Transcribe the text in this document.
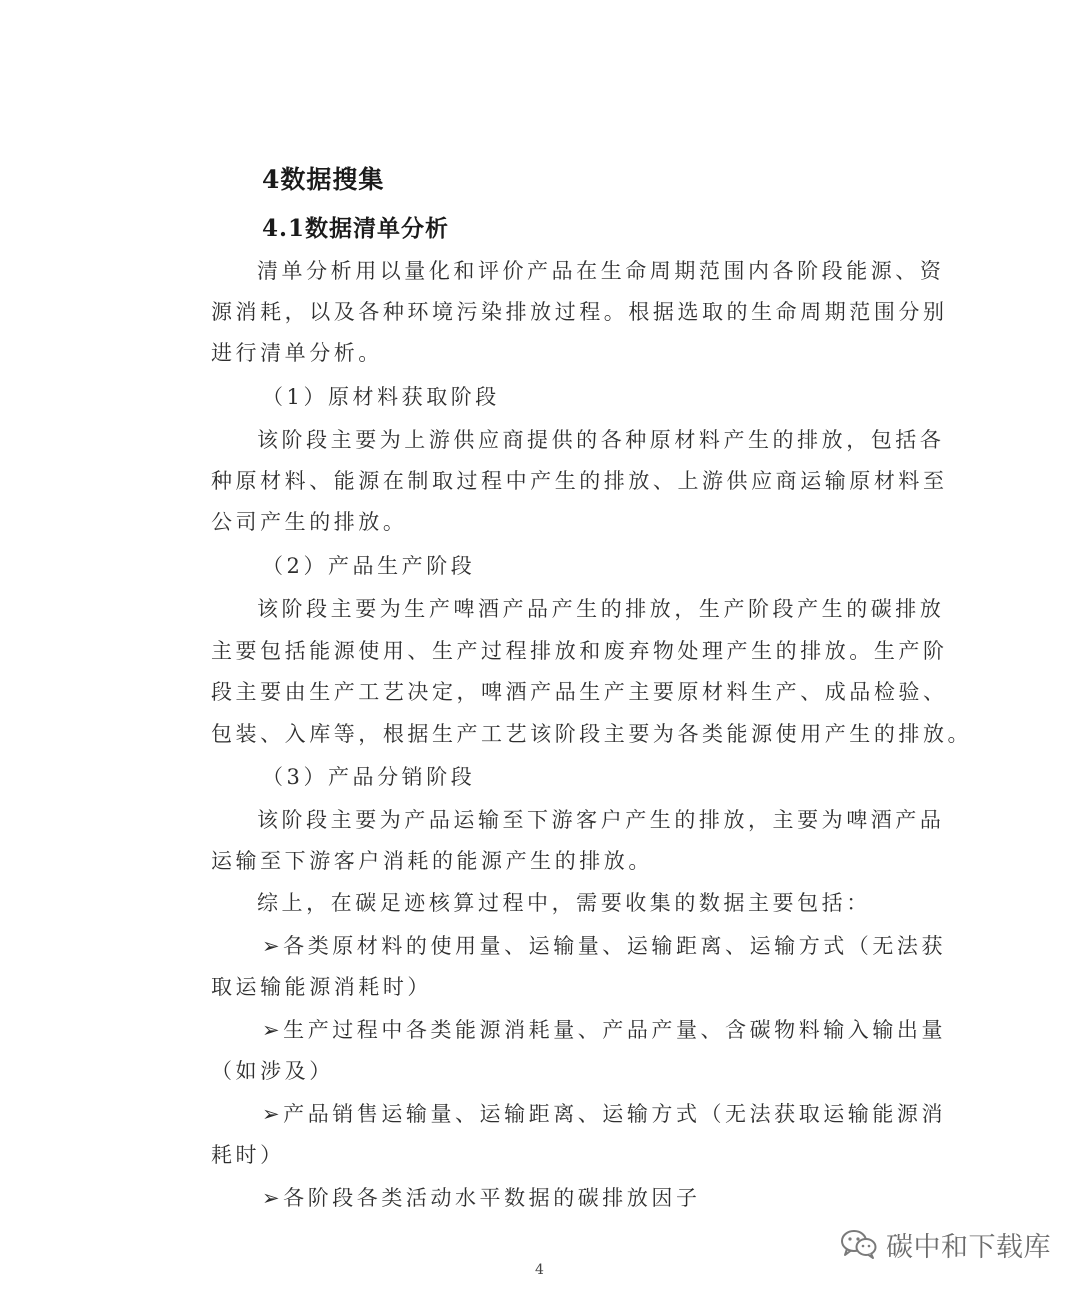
4数据搜集
4.1数据清单分析
清单分析用以量化和评价产品在生命周期范围内各阶段能源、资
源消耗，以及各种环境污染排放过程。根据选取的生命周期范围分别
进行清单分析。
（1）原材料获取阶段
该阶段主要为上游供应商提供的各种原材料产生的排放，包括各
种原材料、能源在制取过程中产生的排放、上游供应商运输原材料至
公司产生的排放。
（2）产品生产阶段
该阶段主要为生产啤酒产品产生的排放，生产阶段产生的碳排放
主要包括能源使用、生产过程排放和废弃物处理产生的排放。生产阶
段主要由生产工艺决定，啤酒产品生产主要原材料生产、成品检验、
包装、入库等，根据生产工艺该阶段主要为各类能源使用产生的排放。
（3）产品分销阶段
该阶段主要为产品运输至下游客户产生的排放，主要为啤酒产品
运输至下游客户消耗的能源产生的排放。
综上，在碳足迹核算过程中，需要收集的数据主要包括：
➢各类原材料的使用量、运输量、运输距离、运输方式（无法获
取运输能源消耗时）
➢生产过程中各类能源消耗量、产品产量、含碳物料输入输出量
（如涉及）
➢产品销售运输量、运输距离、运输方式（无法获取运输能源消
耗时）
➢各阶段各类活动水平数据的碳排放因子
4
碳中和下载库
